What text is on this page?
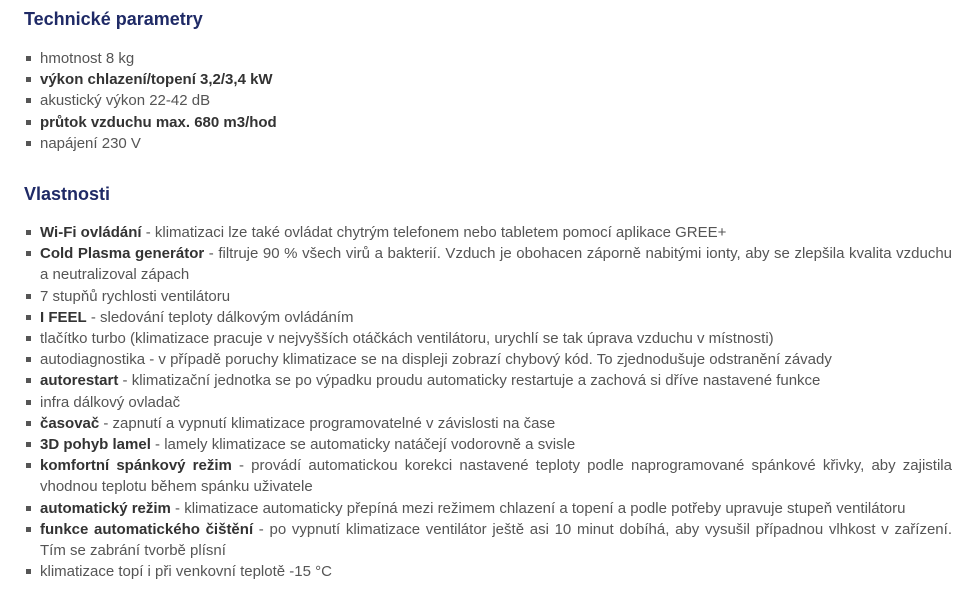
Technické parametry
hmotnost 8 kg
výkon chlazení/topení 3,2/3,4 kW
akustický výkon 22-42 dB
průtok vzduchu max. 680 m3/hod
napájení 230 V
Vlastnosti
Wi-Fi ovládání - klimatizaci lze také ovládat chytrým telefonem nebo tabletem pomocí aplikace GREE+
Cold Plasma generátor - filtruje 90 % všech virů a bakterií. Vzduch je obohacen záporně nabitými ionty, aby se zlepšila kvalita vzduchu a neutralizoval zápach
7 stupňů rychlosti ventilátoru
I FEEL - sledování teploty dálkovým ovládáním
tlačítko turbo (klimatizace pracuje v nejvyšších otáčkách ventilátoru, urychlí se tak úprava vzduchu v místnosti)
autodiagnostika - v případě poruchy klimatizace se na displeji zobrazí chybový kód. To zjednodušuje odstranění závady
autorestart - klimatizační jednotka se po výpadku proudu automaticky restartuje a zachová si dříve nastavené funkce
infra dálkový ovladač
časovač - zapnutí a vypnutí klimatizace programovatelné v závislosti na čase
3D pohyb lamel - lamely klimatizace se automaticky natáčejí vodorovně a svisle
komfortní spánkový režim - provádí automatickou korekci nastavené teploty podle naprogramované spánkové křivky, aby zajistila vhodnou teplotu během spánku uživatele
automatický režim - klimatizace automaticky přepíná mezi režimem chlazení a topení a podle potřeby upravuje stupeň ventilátoru
funkce automatického čištění - po vypnutí klimatizace ventilátor ještě asi 10 minut dobíhá, aby vysušil případnou vlhkost v zařízení. Tím se zabrání tvorbě plísní
klimatizace topí i při venkovní teplotě -15 °C
